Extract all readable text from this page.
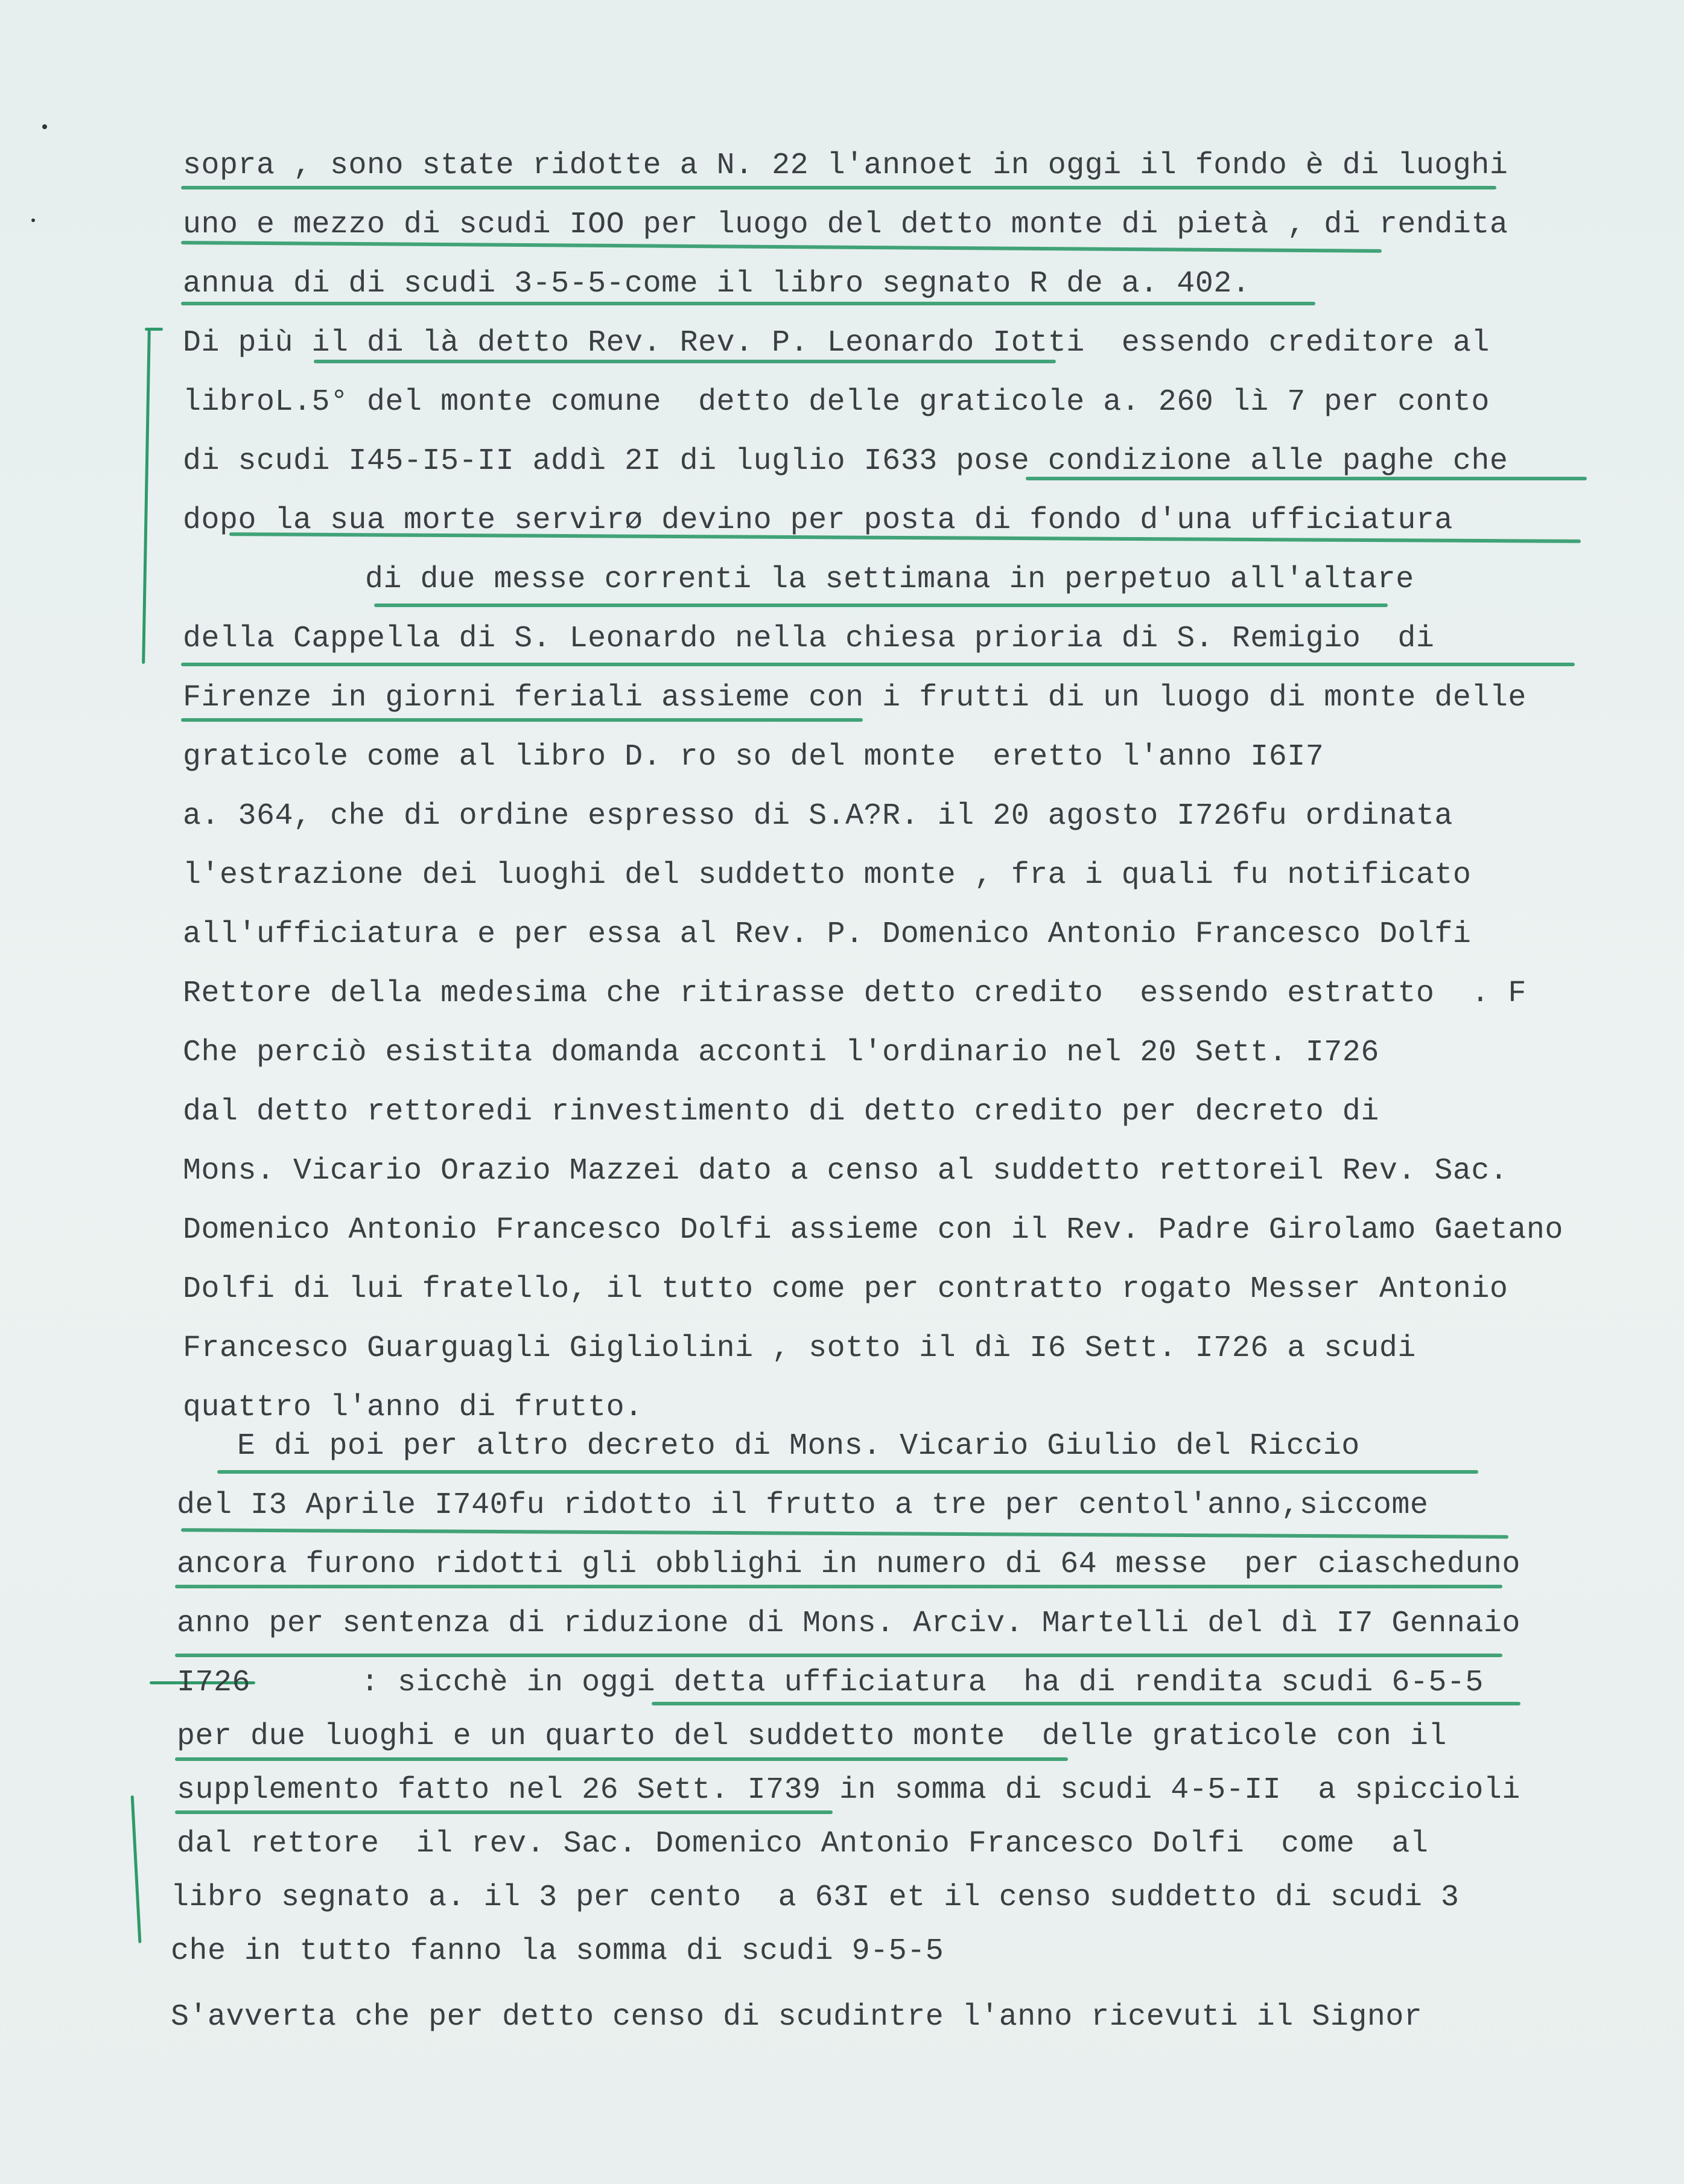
sopra , sono state ridotte a N. 22 l'annoet in oggi il fondo è di luoghi
uno e mezzo di scudi IOO per luogo del detto monte di pietà , di rendita
annua di di scudi 3-5-5-come il libro segnato R de a. 402.
Di più il di là detto Rev. Rev. P. Leonardo Iotti  essendo creditore al
libroL.5° del monte comune  detto delle graticole a. 260 lì 7 per conto
di scudi I45-I5-II addì 2I di luglio I633 pose condizione alle paghe che
dopo la sua morte servirø devino per posta di fondo d'una ufficiatura
di due messe correnti la settimana in perpetuo all'altare
della Cappella di S. Leonardo nella chiesa prioria di S. Remigio  di
Firenze in giorni feriali assieme con i frutti di un luogo di monte delle
graticole come al libro D. ro so del monte  eretto l'anno I6I7
a. 364, che di ordine espresso di S.A?R. il 20 agosto I726fu ordinata
l'estrazione dei luoghi del suddetto monte , fra i quali fu notificato
all'ufficiatura e per essa al Rev. P. Domenico Antonio Francesco Dolfi
Rettore della medesima che ritirasse detto credito  essendo estratto  . F
Che perciò esistita domanda acconti l'ordinario nel 20 Sett. I726
dal detto rettoredi rinvestimento di detto credito per decreto di
Mons. Vicario Orazio Mazzei dato a censo al suddetto rettoreil Rev. Sac.
Domenico Antonio Francesco Dolfi assieme con il Rev. Padre Girolamo Gaetano
Dolfi di lui fratello, il tutto come per contratto rogato Messer Antonio
Francesco Guarguagli Gigliolini , sotto il dì I6 Sett. I726 a scudi
quattro l'anno di frutto.
E di poi per altro decreto di Mons. Vicario Giulio del Riccio
del I3 Aprile I740fu ridotto il frutto a tre per centol'anno,siccome
ancora furono ridotti gli obblighi in numero di 64 messe  per ciascheduno
anno per sentenza di riduzione di Mons. Arciv. Martelli del dì I7 Gennaio
I726      : sicchè in oggi detta ufficiatura  ha di rendita scudi 6-5-5
per due luoghi e un quarto del suddetto monte  delle graticole con il
supplemento fatto nel 26 Sett. I739 in somma di scudi 4-5-II  a spiccioli
dal rettore  il rev. Sac. Domenico Antonio Francesco Dolfi  come  al
libro segnato a. il 3 per cento  a 63I et il censo suddetto di scudi 3
che in tutto fanno la somma di scudi 9-5-5
S'avverta che per detto censo di scudintre l'anno ricevuti il Signor
